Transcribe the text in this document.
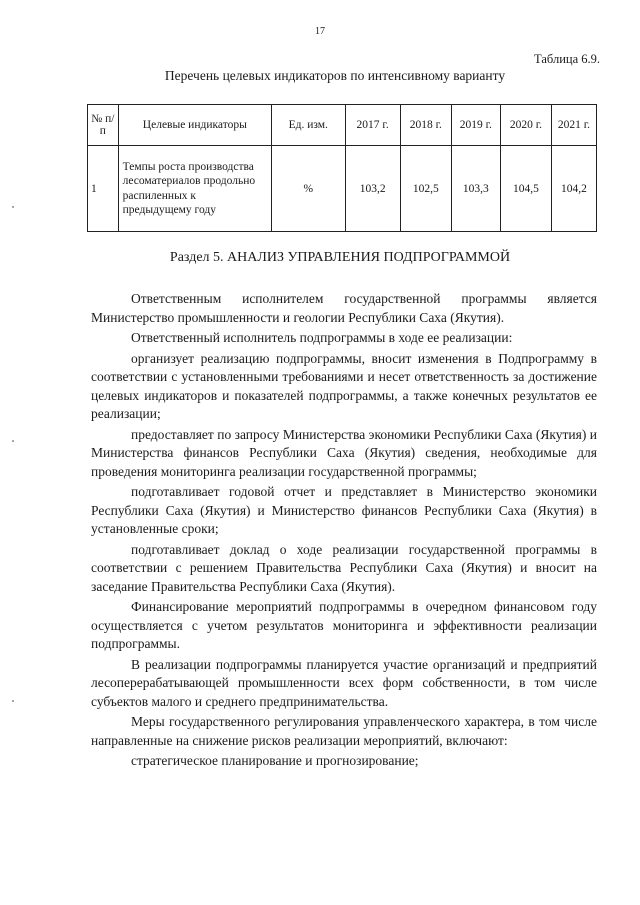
17
Таблица 6.9.
Перечень целевых индикаторов по интенсивному варианту
№ п/п	Целевые индикаторы	Ед. изм.	2017 г.	2018 г.	2019 г.	2020 г.	2021 г.
1	Темпы роста производства лесоматериалов продольно распиленных к предыдущему году	%	103,2	102,5	103,3	104,5	104,2
Раздел 5. АНАЛИЗ УПРАВЛЕНИЯ ПОДПРОГРАММОЙ

Ответственным исполнителем государственной программы является Министерство промышленности и геологии Республики Саха (Якутия).

Ответственный исполнитель подпрограммы в ходе ее реализации:

организует реализацию подпрограммы, вносит изменения в Подпрограмму в соответствии с установленными требованиями и несет ответственность за достижение целевых индикаторов и показателей подпрограммы, а также конечных результатов ее реализации;

предоставляет по запросу Министерства экономики Республики Саха (Якутия) и Министерства финансов Республики Саха (Якутия) сведения, необходимые для проведения мониторинга реализации государственной программы;

подготавливает годовой отчет и представляет в Министерство экономики Республики Саха (Якутия) и Министерство финансов Республики Саха (Якутия) в установленные сроки;

подготавливает доклад о ходе реализации государственной программы в соответствии с решением Правительства Республики Саха (Якутия) и вносит на заседание Правительства Республики Саха (Якутия).

Финансирование мероприятий подпрограммы в очередном финансовом году осуществляется с учетом результатов мониторинга и эффективности реализации подпрограммы.

В реализации подпрограммы планируется участие организаций и предприятий лесоперерабатывающей промышленности всех форм собственности, в том числе субъектов малого и среднего предпринимательства.

Меры государственного регулирования управленческого характера, в том числе направленные на снижение рисков реализации мероприятий, включают:

стратегическое планирование и прогнозирование;
